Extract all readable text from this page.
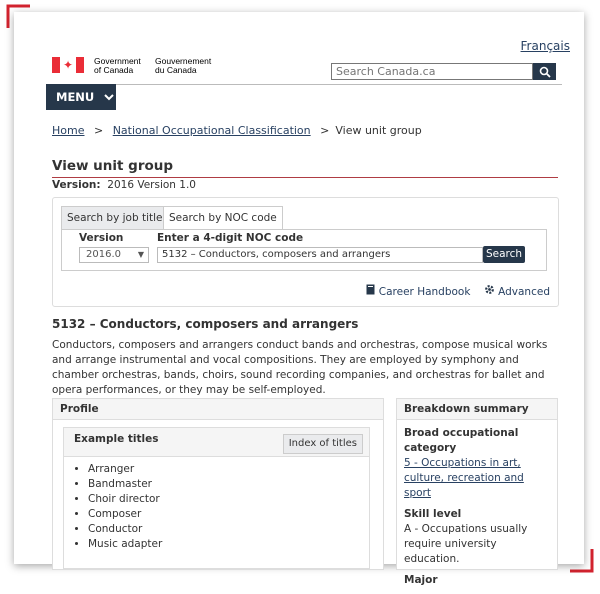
Français
✦ Government
of Canada
Gouvernement
du Canada
Search Canada.ca
MENU
Home > National Occupational Classification > View unit group
View unit group
Version: 2016 Version 1.0
Search by job title Search by NOC code
Version
2016.0 ▼
Enter a 4-digit NOC code
5132 – Conductors, composers and arrangers	Search
Career Handbook	Advanced
5132 – Conductors, composers and arrangers

Conductors, composers and arrangers conduct bands and orchestras, compose musical works and arrange instrumental and vocal compositions. They are employed by symphony and chamber orchestras, bands, choirs, sound recording companies, and orchestras for ballet and opera performances, or they may be self-employed.

Profile
Example titles	Index of titles
• Arranger
• Bandmaster
• Choir director
• Composer
• Conductor
• Music adapter
Breakdown summary
Broad occupational category
5 - Occupations in art, culture, recreation and sport
Skill level
A - Occupations usually require university education.
Major
